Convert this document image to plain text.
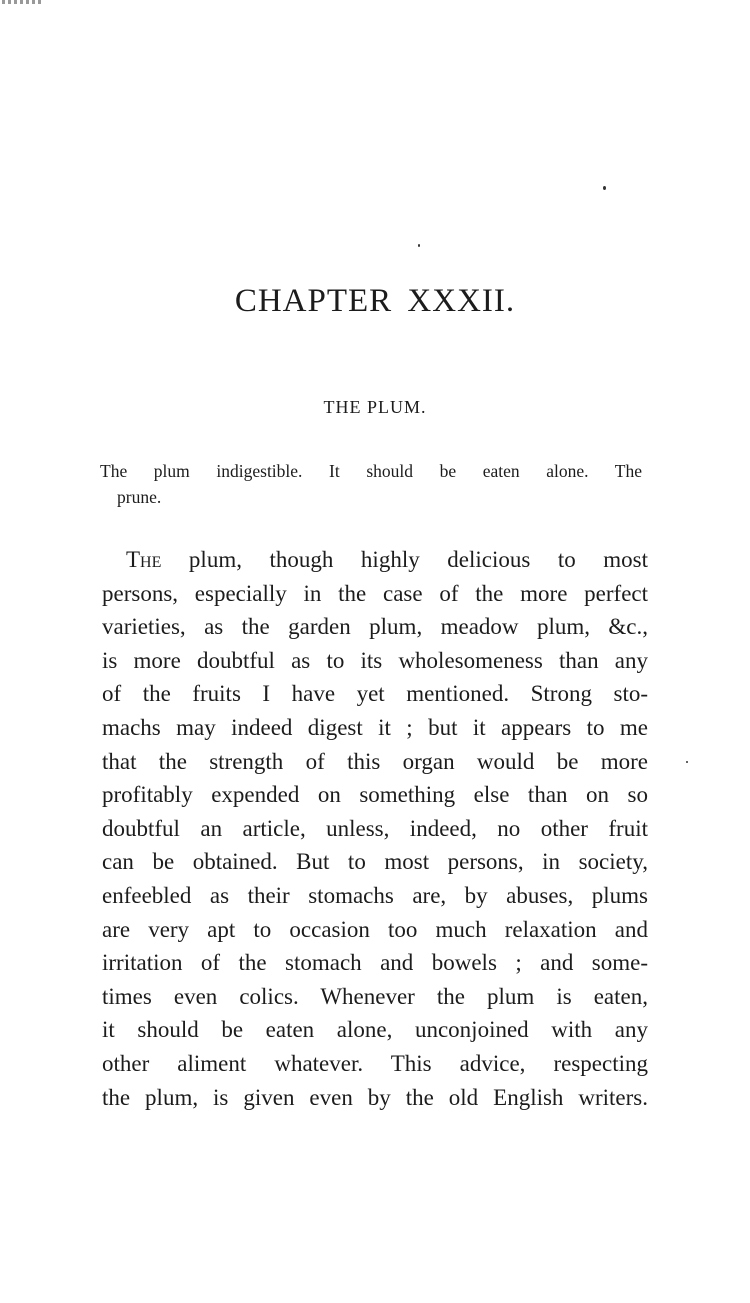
CHAPTER XXXII.
THE PLUM.

The plum indigestible. It should be eaten alone. The
prune.

The plum, though highly delicious to most
persons, especially in the case of the more perfect
varieties, as the garden plum, meadow plum, &c.,
is more doubtful as to its wholesomeness than any
of the fruits I have yet mentioned. Strong sto-
machs may indeed digest it ; but it appears to me
that the strength of this organ would be more
profitably expended on something else than on so
doubtful an article, unless, indeed, no other fruit
can be obtained. But to most persons, in society,
enfeebled as their stomachs are, by abuses, plums
are very apt to occasion too much relaxation and
irritation of the stomach and bowels ; and some-
times even colics. Whenever the plum is eaten,
it should be eaten alone, unconjoined with any
other aliment whatever. This advice, respecting
the plum, is given even by the old English writers.
